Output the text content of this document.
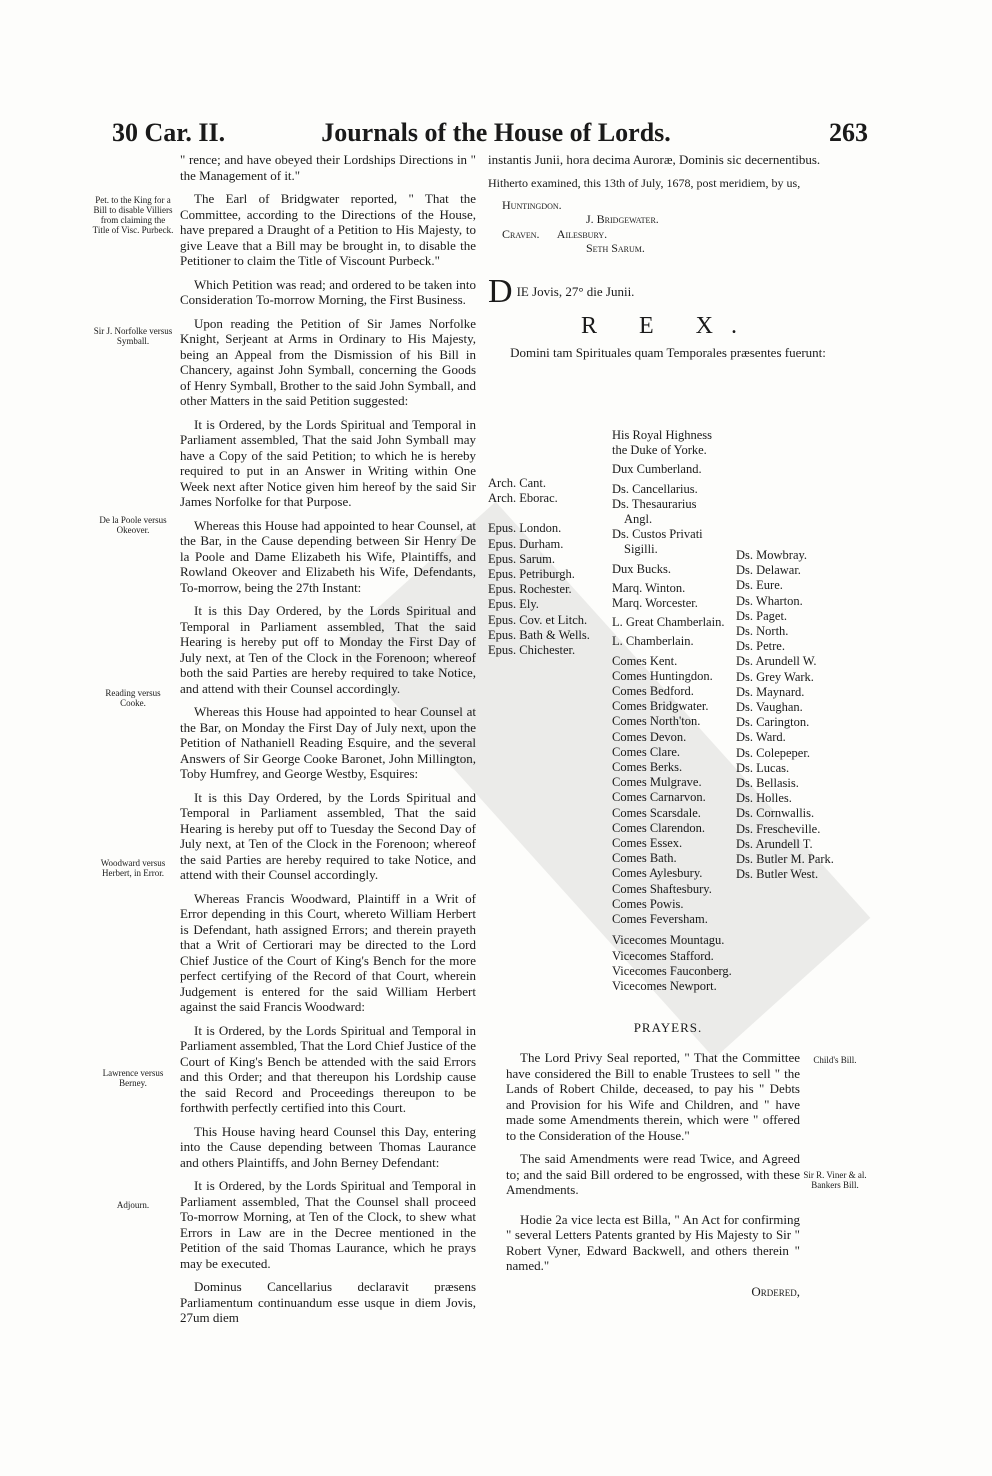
30 Car. II.	Journals of the House of Lords.	263

" rence; and have obeyed their Lordships Directions in " the Management of it."

The Earl of Bridgwater reported, " That the Committee, according to the Directions of the House, have prepared a Draught of a Petition to His Majesty, to give Leave that a Bill may be brought in, to disable the Petitioner to claim the Title of Viscount Purbeck."

Which Petition was read; and ordered to be taken into Consideration To-morrow Morning, the First Business.

Upon reading the Petition of Sir James Norfolke Knight, Serjeant at Arms in Ordinary to His Majesty, being an Appeal from the Dismission of his Bill in Chancery, against John Symball, concerning the Goods of Henry Symball, Brother to the said John Symball, and other Matters in the said Petition suggested:

It is Ordered, by the Lords Spiritual and Temporal in Parliament assembled, That the said John Symball may have a Copy of the said Petition; to which he is hereby required to put in an Answer in Writing within One Week next after Notice given him hereof by the said Sir James Norfolke for that Purpose.

Whereas this House had appointed to hear Counsel, at the Bar, in the Cause depending between Sir Henry De la Poole and Dame Elizabeth his Wife, Plaintiffs, and Rowland Okeover and Elizabeth his Wife, Defendants, To-morrow, being the 27th Instant:

It is this Day Ordered, by the Lords Spiritual and Temporal in Parliament assembled, That the said Hearing is hereby put off to Monday the First Day of July next, at Ten of the Clock in the Forenoon; whereof both the said Parties are hereby required to take Notice, and attend with their Counsel accordingly.

Whereas this House had appointed to hear Counsel at the Bar, on Monday the First Day of July next, upon the Petition of Nathaniell Reading Esquire, and the several Answers of Sir George Cooke Baronet, John Millington, Toby Humfrey, and George Westby, Esquires:

It is this Day Ordered, by the Lords Spiritual and Temporal in Parliament assembled, That the said Hearing is hereby put off to Tuesday the Second Day of July next, at Ten of the Clock in the Forenoon; whereof the said Parties are hereby required to take Notice, and attend with their Counsel accordingly.

Whereas Francis Woodward, Plaintiff in a Writ of Error depending in this Court, whereto William Herbert is Defendant, hath assigned Errors; and therein prayeth that a Writ of Certiorari may be directed to the Lord Chief Justice of the Court of King's Bench for the more perfect certifying of the Record of that Court, wherein Judgement is entered for the said William Herbert against the said Francis Woodward:

It is Ordered, by the Lords Spiritual and Temporal in Parliament assembled, That the Lord Chief Justice of the Court of King's Bench be attended with the said Errors and this Order; and that thereupon his Lordship cause the said Record and Proceedings thereupon to be forthwith perfectly certified into this Court.

This House having heard Counsel this Day, entering into the Cause depending between Thomas Laurance and others Plaintiffs, and John Berney Defendant:

It is Ordered, by the Lords Spiritual and Temporal in Parliament assembled, That the Counsel shall proceed To-morrow Morning, at Ten of the Clock, to shew what Errors in Law are in the Decree mentioned in the Petition of the said Thomas Laurance, which he prays may be executed.

Dominus Cancellarius declaravit præsens Parliamentum continuandum esse usque in diem Jovis, 27um diem

Pet. to the King for a Bill to disable Villiers from claiming the Title of Visc. Purbeck.
Sir J. Norfolke versus Symball.
De la Poole versus Okeover.
Reading versus Cooke.
Woodward versus Herbert, in Error.
Lawrence versus Berney.
Adjourn.

instantis Junii, hora decima Auroræ, Dominis sic decernentibus.

Hitherto examined, this 13th of July, 1678, post meridiem, by us,

Huntingdon.
J. Bridgewater.
Craven. Ailesbury.
Seth Sarum.
D IE Jovis, 27° die Junii.
R E X.
Domini tam Spirituales quam Temporales præsentes fuerunt:
Arch. Cant.
Arch. Eborac.
Epus. London.
Epus. Durham.
Epus. Sarum.
Epus. Petriburgh.
Epus. Rochester.
Epus. Ely.
Epus. Cov. et Litch.
Epus. Bath & Wells.
Epus. Chichester.
His Royal Highness
the Duke of Yorke.
Dux Cumberland.
Ds. Cancellarius.
Ds. Thesaurarius
Angl.
Ds. Custos Privati
Sigilli.
Dux Bucks.
Marq. Winton.
Marq. Worcester.
L. Great Chamberlain.
L. Chamberlain.
Comes Kent.
Comes Huntingdon.
Comes Bedford.
Comes Bridgwater.
Comes North'ton.
Comes Devon.
Comes Clare.
Comes Berks.
Comes Mulgrave.
Comes Carnarvon.
Comes Scarsdale.
Comes Clarendon.
Comes Essex.
Comes Bath.
Comes Aylesbury.
Comes Shaftesbury.
Comes Powis.
Comes Feversham.
Vicecomes Mountagu.
Vicecomes Stafford.
Vicecomes Fauconberg.
Vicecomes Newport.
Ds. Mowbray.
Ds. Delawar.
Ds. Eure.
Ds. Wharton.
Ds. Paget.
Ds. North.
Ds. Petre.
Ds. Arundell W.
Ds. Grey Wark.
Ds. Maynard.
Ds. Vaughan.
Ds. Carington.
Ds. Ward.
Ds. Colepeper.
Ds. Lucas.
Ds. Bellasis.
Ds. Holles.
Ds. Cornwallis.
Ds. Frescheville.
Ds. Arundell T.
Ds. Butler M. Park.
Ds. Butler West.
PRAYERS.

The Lord Privy Seal reported, " That the Committee have considered the Bill to enable Trustees to sell " the Lands of Robert Childe, deceased, to pay his " Debts and Provision for his Wife and Children, and " have made some Amendments therein, which were " offered to the Consideration of the House."

The said Amendments were read Twice, and Agreed to; and the said Bill ordered to be engrossed, with these Amendments.

Hodie 2a vice lecta est Billa, " An Act for confirming " several Letters Patents granted by His Majesty to Sir " Robert Vyner, Edward Backwell, and others therein " named."

Ordered,
Child's Bill.
Sir R. Viner & al. Bankers Bill.
